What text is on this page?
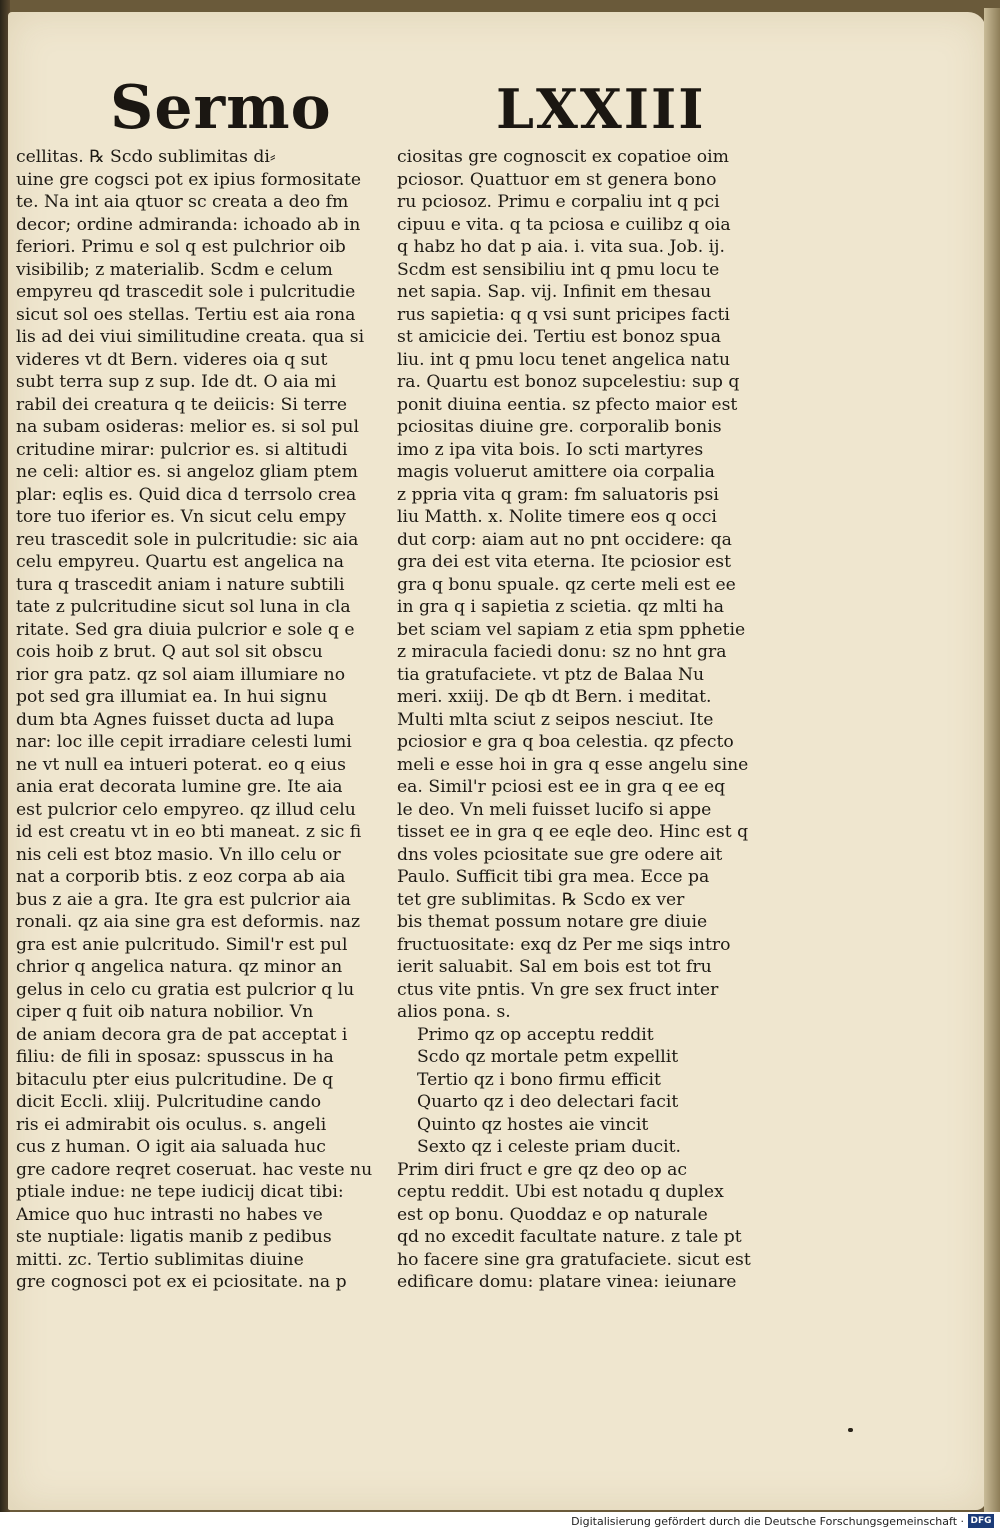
Sermo	LXXIII
cellitas. ℞ Scdo sublimitas di⸗
uine gre cogsci pot ex ipius formositate
te. Na int aia qtuor sc creata a deo fm
decor; ordine admiranda: ichoado ab in
feriori. Primu e sol q est pulchrior oib
visibilib; z materialib. Scdm e celum
empyreu qd trascedit sole i pulcritudie
sicut sol oes stellas. Tertiu est aia rona
lis ad dei viui similitudine creata. qua si
videres vt dt Bern. videres oia q sut
subt terra sup z sup. Ide dt. O aia mi
rabil dei creatura q te deiicis: Si terre
na subam osideras: melior es. si sol pul
critudine mirar: pulcrior es. si altitudi
ne celi: altior es. si angeloz gliam ptem
plar: eqlis es. Quid dica d terrsolo crea
tore tuo iferior es. Vn sicut celu empy
reu trascedit sole in pulcritudie: sic aia
celu empyreu. Quartu est angelica na
tura q trascedit aniam i nature subtili
tate z pulcritudine sicut sol luna in cla
ritate. Sed gra diuia pulcrior e sole q e
cois hoib z brut. Q aut sol sit obscu
rior gra patz. qz sol aiam illumiare no
pot sed gra illumiat ea. In hui signu
dum bta Agnes fuisset ducta ad lupa
nar: loc ille cepit irradiare celesti lumi
ne vt null ea intueri poterat. eo q eius
ania erat decorata lumine gre. Ite aia
est pulcrior celo empyreo. qz illud celu
id est creatu vt in eo bti maneat. z sic fi
nis celi est btoz masio. Vn illo celu or
nat a corporib btis. z eoz corpa ab aia
bus z aie a gra. Ite gra est pulcrior aia
ronali. qz aia sine gra est deformis. naz
gra est anie pulcritudo. Simil'r est pul
chrior q angelica natura. qz minor an
gelus in celo cu gratia est pulcrior q lu
ciper q fuit oib natura nobilior. Vn
de aniam decora gra de pat acceptat i
filiu: de fili in sposaz: spusscus in ha
bitaculu pter eius pulcritudine. De q
dicit Eccli. xliij. Pulcritudine cando
ris ei admirabit ois oculus. s. angeli
cus z human. O igit aia saluada huc
gre cadore reqret coseruat. hac veste nu
ptiale indue: ne tepe iudicij dicat tibi:
Amice quo huc intrasti no habes ve
ste nuptiale: ligatis manib z pedibus
mitti. zc. Tertio sublimitas diuine
gre cognosci pot ex ei pciositate. na p
ciositas gre cognoscit ex copatioe oim
pciosor. Quattuor em st genera bono
ru pciosoz. Primu e corpaliu int q pci
cipuu e vita. q ta pciosa e cuilibz q oia
q habz ho dat p aia. i. vita sua. Job. ij.
Scdm est sensibiliu int q pmu locu te
net sapia. Sap. vij. Infinit em thesau
rus sapietia: q q vsi sunt pricipes facti
st amicicie dei. Tertiu est bonoz spua
liu. int q pmu locu tenet angelica natu
ra. Quartu est bonoz supcelestiu: sup q
ponit diuina eentia. sz pfecto maior est
pciositas diuine gre. corporalib bonis
imo z ipa vita bois. Io scti martyres
magis voluerut amittere oia corpalia
z ppria vita q gram: fm saluatoris psi
liu Matth. x. Nolite timere eos q occi
dut corp: aiam aut no pnt occidere: qa
gra dei est vita eterna. Ite pciosior est
gra q bonu spuale. qz certe meli est ee
in gra q i sapietia z scietia. qz mlti ha
bet sciam vel sapiam z etia spm pphetie
z miracula faciedi donu: sz no hnt gra
tia gratufaciete. vt ptz de Balaa Nu
meri. xxiij. De qb dt Bern. i meditat.
Multi mlta sciut z seipos nesciut. Ite
pciosior e gra q boa celestia. qz pfecto
meli e esse hoi in gra q esse angelu sine
ea. Simil'r pciosi est ee in gra q ee eq
le deo. Vn meli fuisset lucifo si appe
tisset ee in gra q ee eqle deo. Hinc est q
dns voles pciositate sue gre odere ait
Paulo. Sufficit tibi gra mea. Ecce pa
tet gre sublimitas. ℞ Scdo ex ver
bis themat possum notare gre diuie
fructuositate: exq dz Per me siqs intro
ierit saluabit. Sal em bois est tot fru
ctus vite pntis. Vn gre sex fruct inter
alios pona. s.
Primo qz op acceptu reddit
Scdo qz mortale petm expellit
Tertio qz i bono firmu efficit
Quarto qz i deo delectari facit
Quinto qz hostes aie vincit
Sexto qz i celeste priam ducit.
Prim diri fruct e gre qz deo op ac
ceptu reddit. Ubi est notadu q duplex
est op bonu. Quoddaz e op naturale
qd no excedit facultate nature. z tale pt
ho facere sine gra gratufaciete. sicut est
edificare domu: platare vinea: ieiunare
Digitalisierung gefördert durch die Deutsche Forschungsgemeinschaft · DFG
